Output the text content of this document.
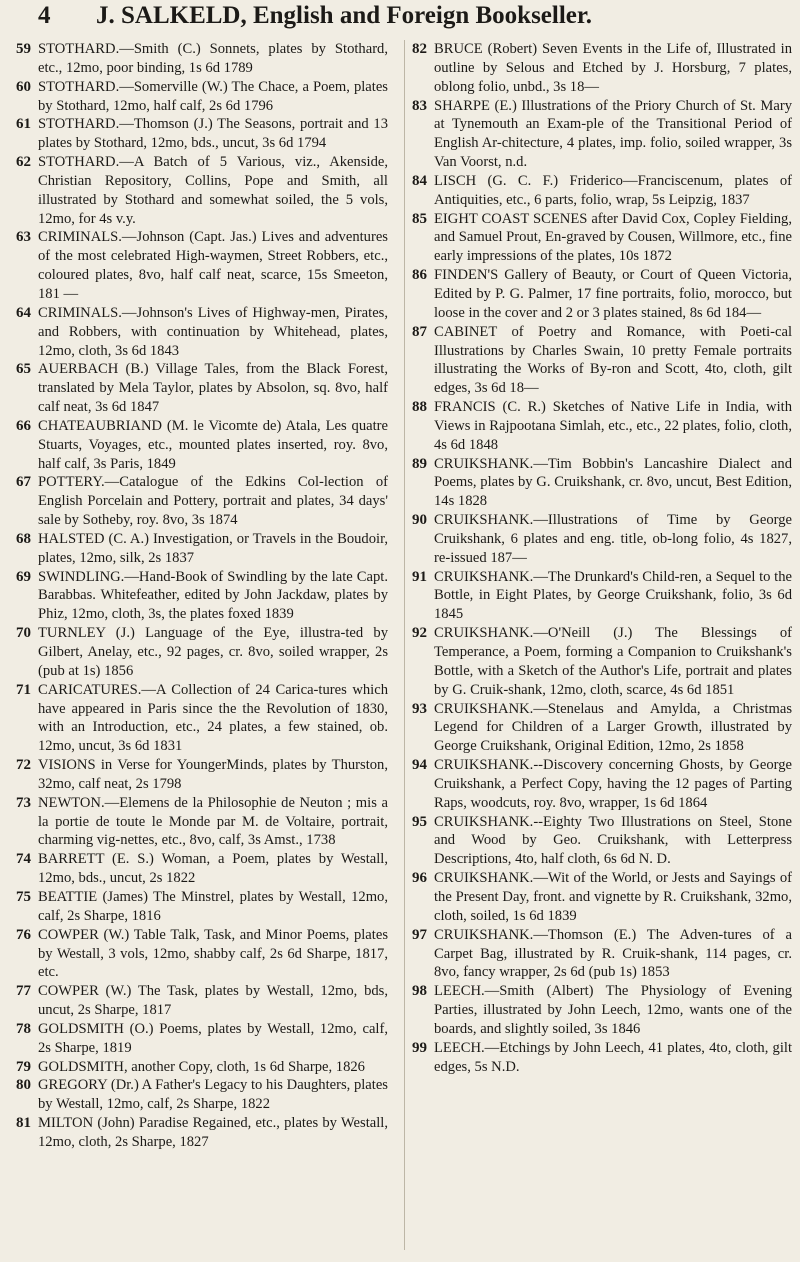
4 J. SALKELD, English and Foreign Bookseller.
59 STOTHARD.—Smith (C.) Sonnets, plates by Stothard, etc., 12mo, poor binding, 1s 6d 1789
60 STOTHARD.—Somerville (W.) The Chace, a Poem, plates by Stothard, 12mo, half calf, 2s 6d 1796
61 STOTHARD.—Thomson (J.) The Seasons, portrait and 13 plates by Stothard, 12mo, bds., uncut, 3s 6d 1794
62 STOTHARD.—A Batch of 5 Various, viz., Akenside, Christian Repository, Collins, Pope and Smith, all illustrated by Stothard and somewhat soiled, the 5 vols, 12mo, for 4s v.y.
63 CRIMINALS.—Johnson (Capt. Jas.) Lives and adventures of the most celebrated High-waymen, Street Robbers, etc., coloured plates, 8vo, half calf neat, scarce, 15s Smeeton, 181 —
64 CRIMINALS.—Johnson's Lives of Highway-men, Pirates, and Robbers, with continuation by Whitehead, plates, 12mo, cloth, 3s 6d 1843
65 AUERBACH (B.) Village Tales, from the Black Forest, translated by Mela Taylor, plates by Absolon, sq. 8vo, half calf neat, 3s 6d 1847
66 CHATEAUBRIAND (M. le Vicomte de) Atala, Les quatre Stuarts, Voyages, etc., mounted plates inserted, roy. 8vo, half calf, 3s Paris, 1849
67 POTTERY.—Catalogue of the Edkins Col-lection of English Porcelain and Pottery, portrait and plates, 34 days' sale by Sotheby, roy. 8vo, 3s 1874
68 HALSTED (C. A.) Investigation, or Travels in the Boudoir, plates, 12mo, silk, 2s 1837
69 SWINDLING.—Hand-Book of Swindling by the late Capt. Barabbas. Whitefeather, edited by John Jackdaw, plates by Phiz, 12mo, cloth, 3s, the plates foxed 1839
70 TURNLEY (J.) Language of the Eye, illustra-ted by Gilbert, Anelay, etc., 92 pages, cr. 8vo, soiled wrapper, 2s (pub at 1s) 1856
71 CARICATURES.—A Collection of 24 Carica-tures which have appeared in Paris since the the Revolution of 1830, with an Introduction, etc., 24 plates, a few stained, ob. 12mo, uncut, 3s 6d 1831
72 VISIONS in Verse for YoungerMinds, plates by Thurston, 32mo, calf neat, 2s 1798
73 NEWTON.—Elemens de la Philosophie de Neuton ; mis a la portie de toute le Monde par M. de Voltaire, portrait, charming vig-nettes, etc., 8vo, calf, 3s Amst., 1738
74 BARRETT (E. S.) Woman, a Poem, plates by Westall, 12mo, bds., uncut, 2s 1822
75 BEATTIE (James) The Minstrel, plates by Westall, 12mo, calf, 2s Sharpe, 1816
76 COWPER (W.) Table Talk, Task, and Minor Poems, plates by Westall, 3 vols, 12mo, shabby calf, 2s 6d Sharpe, 1817, etc.
77 COWPER (W.) The Task, plates by Westall, 12mo, bds, uncut, 2s Sharpe, 1817
78 GOLDSMITH (O.) Poems, plates by Westall, 12mo, calf, 2s Sharpe, 1819
79 GOLDSMITH, another Copy, cloth, 1s 6d Sharpe, 1826
80 GREGORY (Dr.) A Father's Legacy to his Daughters, plates by Westall, 12mo, calf, 2s Sharpe, 1822
81 MILTON (John) Paradise Regained, etc., plates by Westall, 12mo, cloth, 2s Sharpe, 1827
82 BRUCE (Robert) Seven Events in the Life of, Illustrated in outline by Selous and Etched by J. Horsburg, 7 plates, oblong folio, unbd., 3s 18—
83 SHARPE (E.) Illustrations of the Priory Church of St. Mary at Tynemouth an Exam-ple of the Transitional Period of English Ar-chitecture, 4 plates, imp. folio, soiled wrapper, 3s Van Voorst, n.d.
84 LISCH (G. C. F.) Friderico—Franciscenum, plates of Antiquities, etc., 6 parts, folio, wrap, 5s Leipzig, 1837
85 EIGHT COAST SCENES after David Cox, Copley Fielding, and Samuel Prout, En-graved by Cousen, Willmore, etc., fine early impressions of the plates, 10s 1872
86 FINDEN'S Gallery of Beauty, or Court of Queen Victoria, Edited by P. G. Palmer, 17 fine portraits, folio, morocco, but loose in the cover and 2 or 3 plates stained, 8s 6d 184—
87 CABINET of Poetry and Romance, with Poeti-cal Illustrations by Charles Swain, 10 pretty Female portraits illustrating the Works of By-ron and Scott, 4to, cloth, gilt edges, 3s 6d 18—
88 FRANCIS (C. R.) Sketches of Native Life in India, with Views in Rajpootana Simlah, etc., etc., 22 plates, folio, cloth, 4s 6d 1848
89 CRUIKSHANK.—Tim Bobbin's Lancashire Dialect and Poems, plates by G. Cruikshank, cr. 8vo, uncut, Best Edition, 14s 1828
90 CRUIKSHANK.—Illustrations of Time by George Cruikshank, 6 plates and eng. title, ob-long folio, 4s 1827, re-issued 187—
91 CRUIKSHANK.—The Drunkard's Child-ren, a Sequel to the Bottle, in Eight Plates, by George Cruikshank, folio, 3s 6d 1845
92 CRUIKSHANK.—O'Neill (J.) The Blessings of Temperance, a Poem, forming a Companion to Cruikshank's Bottle, with a Sketch of the Author's Life, portrait and plates by G. Cruik-shank, 12mo, cloth, scarce, 4s 6d 1851
93 CRUIKSHANK.—Stenelaus and Amylda, a Christmas Legend for Children of a Larger Growth, illustrated by George Cruikshank, Original Edition, 12mo, 2s 1858
94 CRUIKSHANK.--Discovery concerning Ghosts, by George Cruikshank, a Perfect Copy, having the 12 pages of Parting Raps, woodcuts, roy. 8vo, wrapper, 1s 6d 1864
95 CRUIKSHANK.--Eighty Two Illustrations on Steel, Stone and Wood by Geo. Cruikshank, with Letterpress Descriptions, 4to, half cloth, 6s 6d N. D.
96 CRUIKSHANK.—Wit of the World, or Jests and Sayings of the Present Day, front. and vignette by R. Cruikshank, 32mo, cloth, soiled, 1s 6d 1839
97 CRUIKSHANK.—Thomson (E.) The Adven-tures of a Carpet Bag, illustrated by R. Cruik-shank, 114 pages, cr. 8vo, fancy wrapper, 2s 6d (pub 1s) 1853
98 LEECH.—Smith (Albert) The Physiology of Evening Parties, illustrated by John Leech, 12mo, wants one of the boards, and slightly soiled, 3s 1846
99 LEECH.—Etchings by John Leech, 41 plates, 4to, cloth, gilt edges, 5s N.D.
